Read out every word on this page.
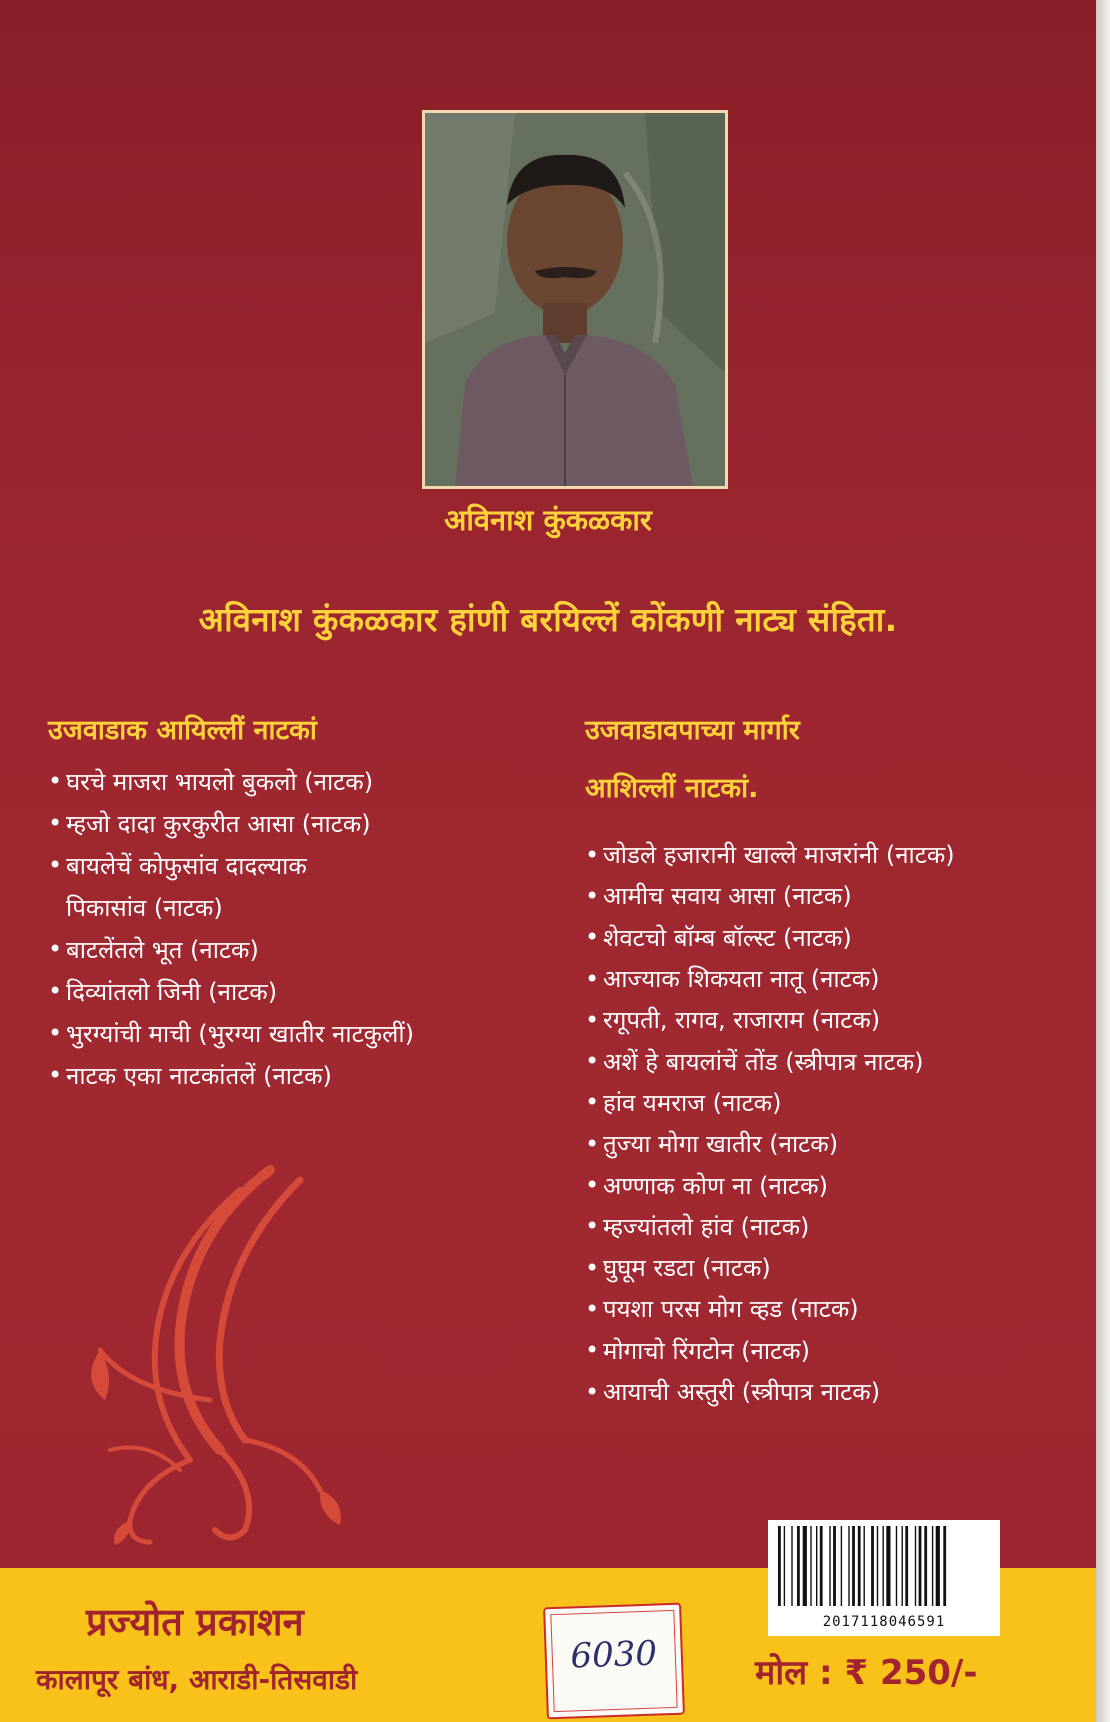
अविनाश कुंकळकार
अविनाश कुंकळकार हांणी बरयिल्लें कोंकणी नाट्य संहिता.
उजवाडाक आयिल्लीं नाटकां
• घरचे माजरा भायलो बुकलो (नाटक)
• म्हजो दादा कुरकुरीत आसा (नाटक)
• बायलेचें कोफुसांव दादल्याक
पिकासांव (नाटक)
• बाटलेंतले भूत (नाटक)
• दिव्यांतलो जिनी (नाटक)
• भुरग्यांची माची (भुरग्या खातीर नाटकुलीं)
• नाटक एका नाटकांतलें (नाटक)
उजवाडावपाच्या मार्गार
आशिल्लीं नाटकां.
• जोडले हजारानी खाल्ले माजरांनी (नाटक)
• आमीच सवाय आसा (नाटक)
• शेवटचो बॉम्ब बॉल्स्ट (नाटक)
• आज्याक शिकयता नातू (नाटक)
• रगूपती, रागव, राजाराम (नाटक)
• अशें हे बायलांचें तोंड (स्त्रीपात्र नाटक)
• हांव यमराज (नाटक)
• तुज्या मोगा खातीर (नाटक)
• अण्णाक कोण ना (नाटक)
• म्हज्यांतलो हांव (नाटक)
• घुघूम रडटा (नाटक)
• पयशा परस मोग व्हड (नाटक)
• मोगाचो रिंगटोन (नाटक)
• आयाची अस्तुरी (स्त्रीपात्र नाटक)
प्रज्योत प्रकाशन
कालापूर बांध, आराडी-तिसवाडी
6030
2017118046591
मोल : ₹ 250/-
